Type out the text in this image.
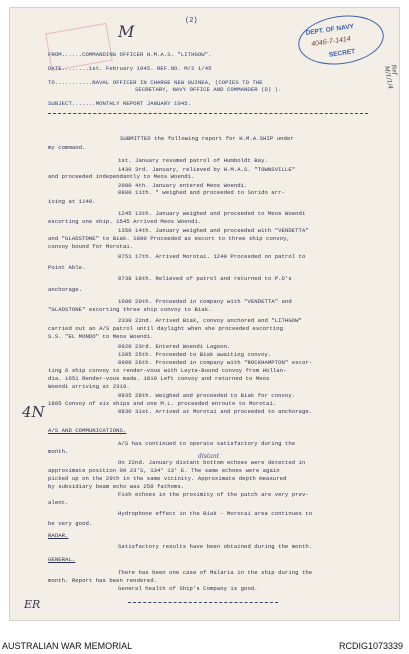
(2)
DEPT. OF NAVY
4046-7-1414
SECRET
Ref M/1/1/4
M
FROM......COMMANDING OFFICER H.M.A.S. "LITHGOW".
DATE........1st. February 1945. REF.NO. M/2 1/45
TO...........NAVAL OFFICER IN CHARGE NEW GUINEA, (COPIES TO THE
SECRETARY, NAVY OFFICE AND COMMANDER (D) ).
SUBJECT.......MONTHLY REPORT JANUARY 1945.
SUBMITTED the following report for H.M.A.SHIP under
my command.
1st. January resumed patrol of Humboldt Bay.
1430 3rd. January, relieved by H.M.A.S. "TOWNSVILLE"
and proceeded independantly to Meos Woendi.
2000 4th. January entered Meos Woendi.
0800 11th. " weighed and proceeded to Sorido arr-
iving at 1140.
1245 13th. January weighed and proceeded to Meos Woendi
escorting one ship. 1545 Arrived Meos Woendi.
1350 14th. January weighed and proceeded with "VENDETTA"
and "GLADSTONE" to Biak. 1800 Proceeded as escort to three ship convoy,
convoy bound for Morotai.
0751 17th. Arrived Morotai. 1240 Proceeded on patrol to
Point Able.
0738 19th. Relieved of patrol and returned to P.D's
anchorage.
1600 20th. Proceeded in company with "VENDETTA" and
"GLADSTONE" escorting three ship convoy to Biak.
2330 22nd. Arrived Biak, convoy anchored and "LITHGOW"
carried out an A/S patrol until daylight when she proceeded escorting
S.S. "EL MONDO" to Meos Woendi.
0920 23rd. Entered Woendi Lagoon.
1305 25th. Proceeded to Biak awaiting convoy.
0900 26th. Proceeded in company with "ROCKHAMPTON" escor-
ting 6 ship convoy to render-vous with Leyte-Bound convoy from Hollan-
dia. 1651 Render-vous made. 1810 Left convoy and returned to Meos
Woendi arriving at 2319.
0935 28th. Weighed and proceeded to Biak for convoy.
1805 Convoy of six ships and one M.L. proceeded enroute to Morotai.
0830 31st. Arrived at Morotai and proceeded to anchorage.
4N
A/S AND COMMUNICATIONS.
A/S has continued to operate satisfactory during the
month.
distant
On 22nd. January distant bottom echoes were detected in
approximate position 00 23'S, 134° 13' E. The same echoes were again
picked up on the 29th in the same vicinity. Approximate depth measured
by subsidiary beam echo was 250 fathoms.
Fish echoes in the proximity of the patch are very prev-
alent.
Hydrophone effect in the Biak - Morotai area continues to
be very good.
RADAR.
Satisfactory results have been obtained during the month.
GENERAL.
There has been one case of Malaria in the ship during the
month. Report has been rendered.
General health of Ship's Company is good.
ER
AUSTRALIAN WAR MEMORIAL	RCDIG1073339
